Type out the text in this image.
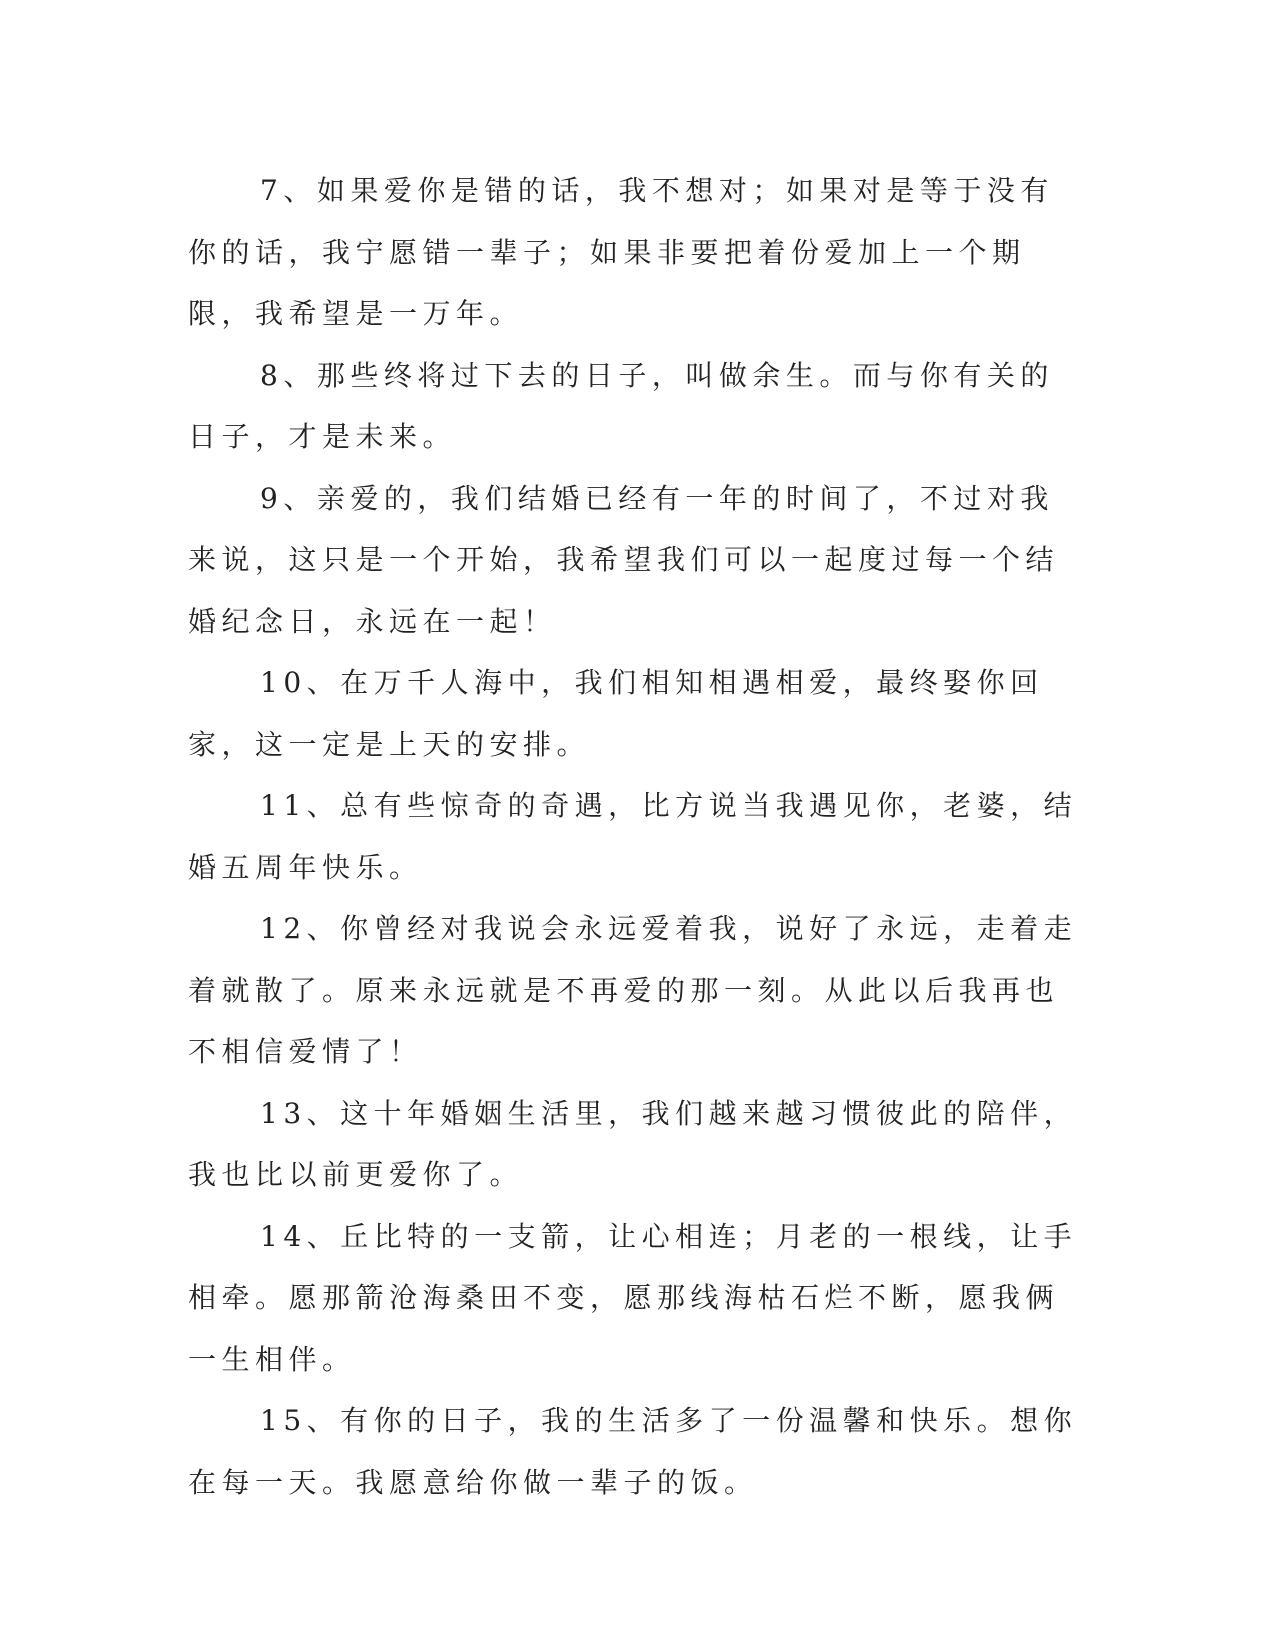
7、如果爱你是错的话，我不想对；如果对是等于没有你的话，我宁愿错一辈子；如果非要把着份爱加上一个期限，我希望是一万年。

8、那些终将过下去的日子，叫做余生。而与你有关的日子，才是未来。

9、亲爱的，我们结婚已经有一年的时间了，不过对我来说，这只是一个开始，我希望我们可以一起度过每一个结婚纪念日，永远在一起！

10、在万千人海中，我们相知相遇相爱，最终娶你回家，这一定是上天的安排。

11、总有些惊奇的奇遇，比方说当我遇见你，老婆，结婚五周年快乐。

12、你曾经对我说会永远爱着我，说好了永远，走着走着就散了。原来永远就是不再爱的那一刻。从此以后我再也不相信爱情了！

13、这十年婚姻生活里，我们越来越习惯彼此的陪伴，我也比以前更爱你了。

14、丘比特的一支箭，让心相连；月老的一根线，让手相牵。愿那箭沧海桑田不变，愿那线海枯石烂不断，愿我俩一生相伴。

15、有你的日子，我的生活多了一份温馨和快乐。想你在每一天。我愿意给你做一辈子的饭。
